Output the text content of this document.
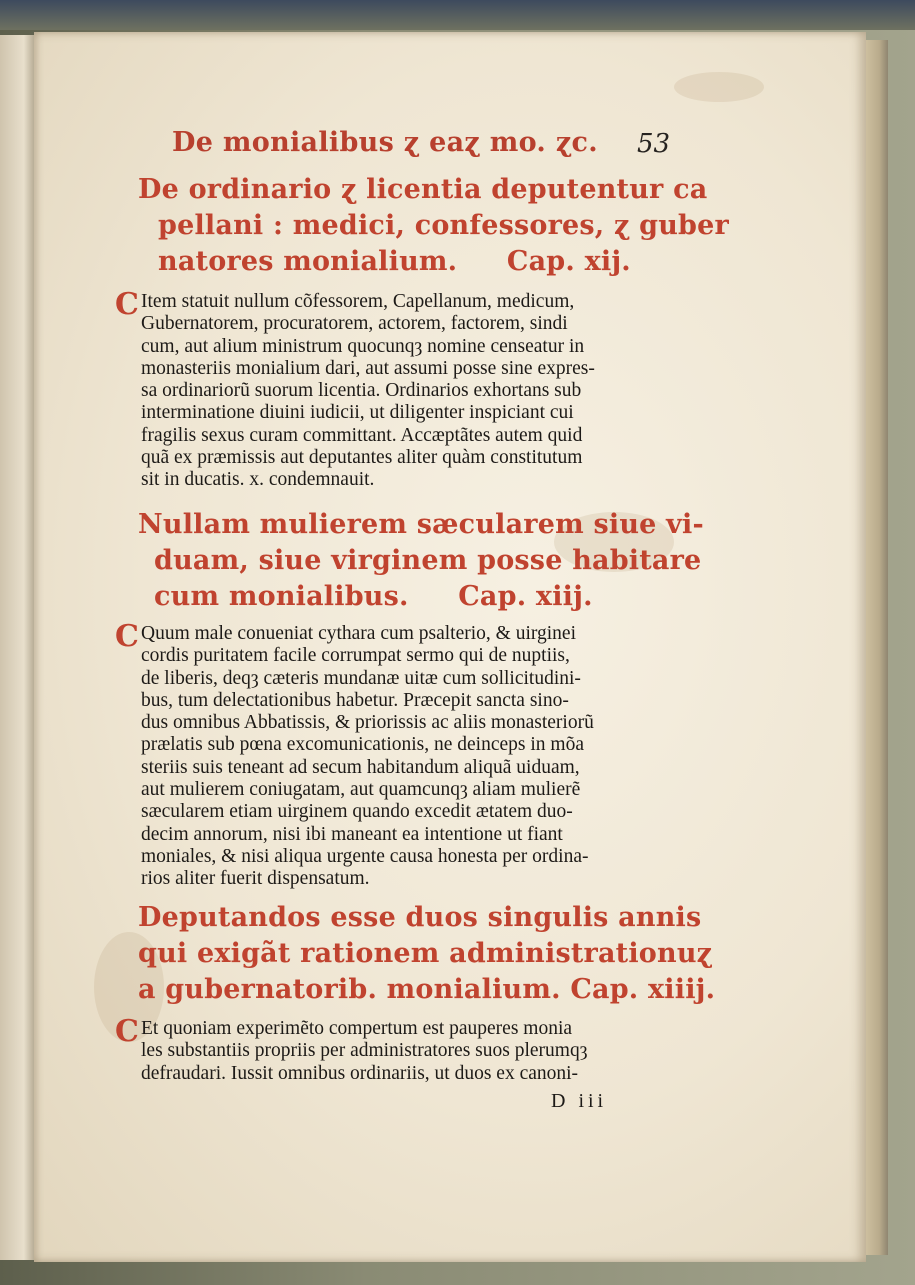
De monialibus ɀ eaɀ mo. ɀc. 53
De ordinario ɀ licentia deputentur ca
pellani : medici, confessores, ɀ guber
natores monialium. Cap. xij.
C Item statuit nullum cõfessorem, Capellanum, medicum,
Gubernatorem, procuratorem, actorem, factorem, sindi
cum, aut alium ministrum quocunqȝ nomine censeatur in
monasteriis monialium dari, aut assumi posse sine expres-
sa ordinariorũ suorum licentia. Ordinarios exhortans sub
interminatione diuini iudicii, ut diligenter inspiciant cui
fragilis sexus curam committant. Accæptãtes autem quid
quã ex præmissis aut deputantes aliter quàm constitutum
sit in ducatis. x. condemnauit.
Nullam mulierem sæcularem siue vi-
duam, siue virginem posse habitare
cum monialibus. Cap. xiij.
C Quum male conueniat cythara cum psalterio, & uirginei
cordis puritatem facile corrumpat sermo qui de nuptiis,
de liberis, deqȝ cæteris mundanæ uitæ cum sollicitudini-
bus, tum delectationibus habetur. Præcepit sancta sino-
dus omnibus Abbatissis, & priorissis ac aliis monasteriorũ
prælatis sub pœna excomunicationis, ne deinceps in mõa
steriis suis teneant ad secum habitandum aliquã uiduam,
aut mulierem coniugatam, aut quamcunqȝ aliam mulierẽ
sæcularem etiam uirginem quando excedit ætatem duo-
decim annorum, nisi ibi maneant ea intentione ut fiant
moniales, & nisi aliqua urgente causa honesta per ordina-
rios aliter fuerit dispensatum.
Deputandos esse duos singulis annis
qui exigãt rationem administrationuɀ
a gubernatorib. monialium. Cap. xiiij.
C Et quoniam experimẽto compertum est pauperes monia
les substantiis propriis per administratores suos plerumqȝ
defraudari. Iussit omnibus ordinariis, ut duos ex canoni-
D iii
